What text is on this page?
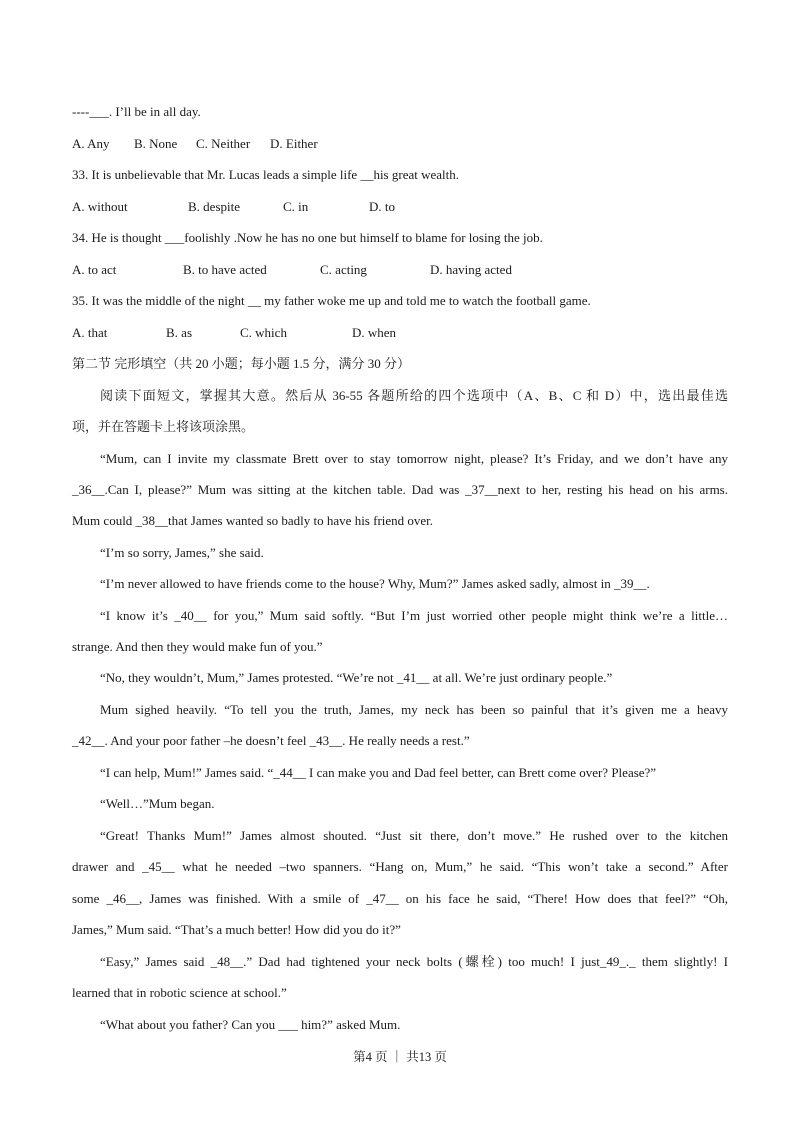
----___. I’ll be in all day.

A. Any B. None C. Neither D. Either

33. It is unbelievable that Mr. Lucas leads a simple life __his great wealth.

A. without	B. despite	C. in	D. to

34. He is thought ___foolishly .Now he has no one but himself to blame for losing the job.

A. to act	B. to have acted	C. acting	D. having acted

35. It was the middle of the night __ my father woke me up and told me to watch the football game.

A. that	B. as	C. which	D. when

第二节 完形填空（共 20 小题；每小题 1.5 分，满分 30 分）

阅读下面短文，掌握其大意。然后从 36-55 各题所给的四个选项中（A、B、C 和 D）中，选出最佳选

项，并在答题卡上将该项涂黑。

“Mum, can I invite my classmate Brett over to stay tomorrow night, please? It’s Friday, and we don’t have any

_36__.Can I, please?” Mum was sitting at the kitchen table. Dad was _37__next to her, resting his head on his arms.

Mum could _38__that James wanted so badly to have his friend over.

“I’m so sorry, James,” she said.

“I’m never allowed to have friends come to the house? Why, Mum?” James asked sadly, almost in _39__.

“I know it’s _40__ for you,” Mum said softly. “But I’m just worried other people might think we’re a little…

strange. And then they would make fun of you.”

“No, they wouldn’t, Mum,” James protested. “We’re not _41__ at all. We’re just ordinary people.”

Mum sighed heavily. “To tell you the truth, James, my neck has been so painful that it’s given me a heavy

_42__. And your poor father –he doesn’t feel _43__. He really needs a rest.”

“I can help, Mum!” James said. “_44__ I can make you and Dad feel better, can Brett come over? Please?”

“Well…”Mum began.

“Great! Thanks Mum!” James almost shouted. “Just sit there, don’t move.” He rushed over to the kitchen

drawer and _45__ what he needed –two spanners. “Hang on, Mum,” he said. “This won’t take a second.” After

some _46__, James was finished. With a smile of _47__ on his face he said, “There! How does that feel?” “Oh,

James,” Mum said. “That’s a much better! How did you do it?”

“Easy,” James said _48__.” Dad had tightened your neck bolts (螺栓) too much! I just_49_._ them slightly! I

learned that in robotic science at school.”

“What about you father? Can you ___ him?” asked Mum.

第4 页 ｜ 共13 页
